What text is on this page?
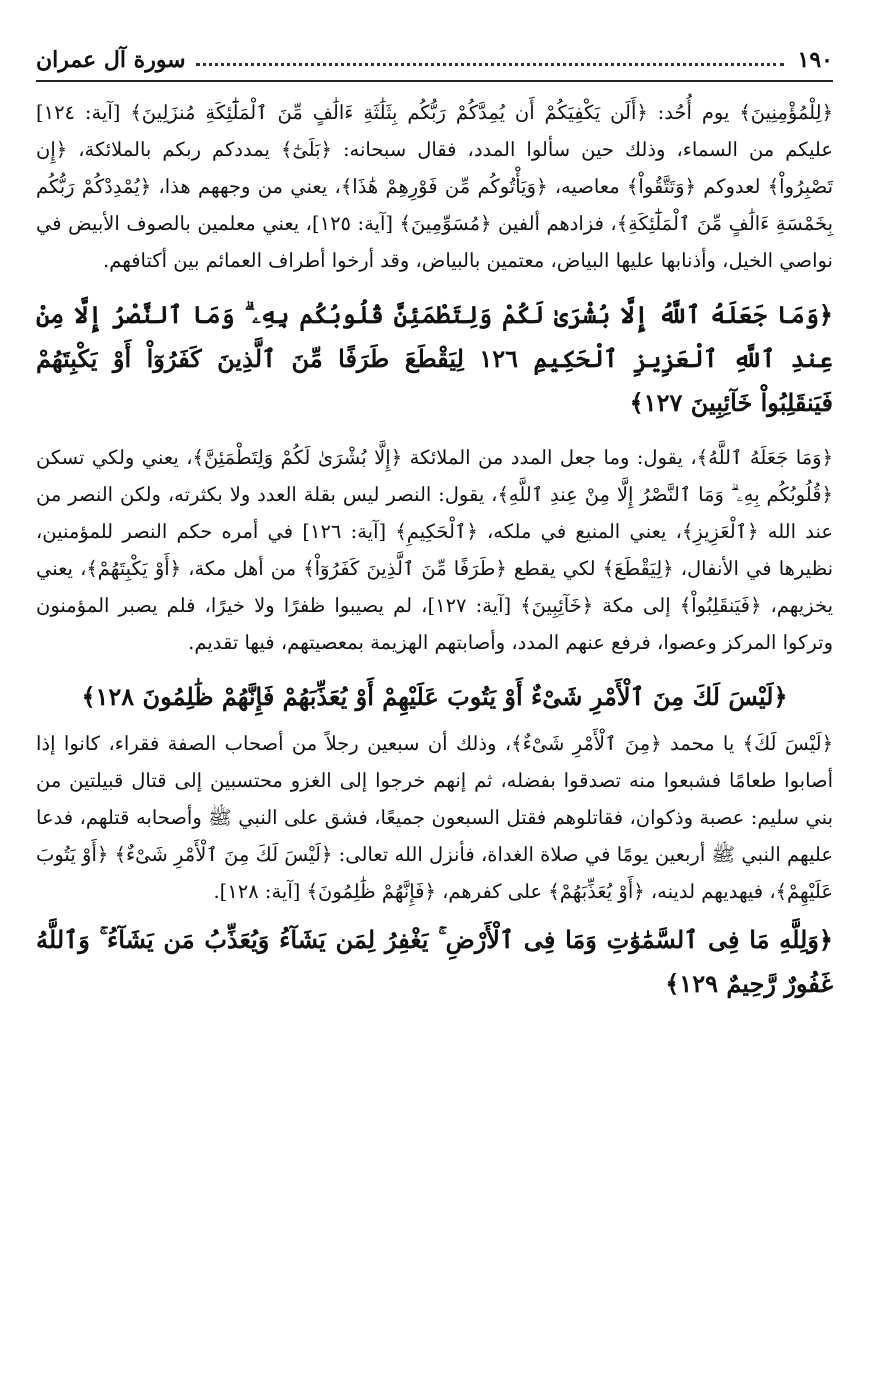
١٩٠
سورة آل عمران

﴿لِلْمُؤْمِنِينَ﴾ يوم أُحُد: ﴿أَلَن يَكْفِيَكُمْ أَن يُمِدَّكُمْ رَبُّكُم بِثَلَٰثَةِ ءَالَٰفٍ مِّنَ ٱلْمَلَٰٓئِكَةِ مُنزَلِينَ﴾ [آية: ١٢٤] عليكم من السماء، وذلك حين سألوا المدد، فقال سبحانه: ﴿بَلَىٰٓ﴾ يمددكم ربكم بالملائكة، ﴿إِن تَصْبِرُواْ﴾ لعدوكم ﴿وَتَتَّقُواْ﴾ معاصيه، ﴿وَيَأْتُوكُم مِّن فَوْرِهِمْ هَٰذَا﴾، يعني من وجههم هذا، ﴿يُمْدِدْكُمْ رَبُّكُم بِخَمْسَةِ ءَالَٰفٍ مِّنَ ٱلْمَلَٰٓئِكَةِ﴾، فزادهم ألفين ﴿مُسَوِّمِينَ﴾ [آية: ١٢٥]، يعني معلمين بالصوف الأبيض في نواصي الخيل، وأذنابها عليها البياض، معتمين بالبياض، وقد أرخوا أطراف العمائم بين أكتافهم.

﴿وَمَا جَعَلَهُ ٱللَّهُ إِلَّا بُشْرَىٰ لَكُمْ وَلِتَطْمَئِنَّ قُلُوبُكُم بِهِۦ ۗ وَمَا ٱلنَّصْرُ إِلَّا مِنْ عِندِ ٱللَّهِ ٱلْعَزِيزِ ٱلْحَكِيمِ ١٢٦ لِيَقْطَعَ طَرَفًا مِّنَ ٱلَّذِينَ كَفَرُوٓاْ أَوْ يَكْبِتَهُمْ فَيَنقَلِبُواْ خَآئِبِينَ ١٢٧﴾

﴿وَمَا جَعَلَهُ ٱللَّهُ﴾، يقول: وما جعل المدد من الملائكة ﴿إِلَّا بُشْرَىٰ لَكُمْ وَلِتَطْمَئِنَّ﴾، يعني ولكي تسكن ﴿قُلُوبُكُم بِهِۦ ۗ وَمَا ٱلنَّصْرُ إِلَّا مِنْ عِندِ ٱللَّهِ﴾، يقول: النصر ليس بقلة العدد ولا بكثرته، ولكن النصر من عند الله ﴿ٱلْعَزِيزِ﴾، يعني المنيع في ملكه، ﴿ٱلْحَكِيمِ﴾ [آية: ١٢٦] في أمره حكم النصر للمؤمنين، نظيرها في الأنفال، ﴿لِيَقْطَعَ﴾ لكي يقطع ﴿طَرَفًا مِّنَ ٱلَّذِينَ كَفَرُوٓاْ﴾ من أهل مكة، ﴿أَوْ يَكْبِتَهُمْ﴾، يعني يخزيهم، ﴿فَيَنقَلِبُواْ﴾ إلى مكة ﴿خَآئِبِينَ﴾ [آية: ١٢٧]، لم يصيبوا ظفرًا ولا خيرًا، فلم يصبر المؤمنون وتركوا المركز وعصوا، فرفع عنهم المدد، وأصابتهم الهزيمة بمعصيتهم، فيها تقديم.

﴿لَيْسَ لَكَ مِنَ ٱلْأَمْرِ شَىْءٌ أَوْ يَتُوبَ عَلَيْهِمْ أَوْ يُعَذِّبَهُمْ فَإِنَّهُمْ ظَٰلِمُونَ ١٢٨﴾

﴿لَيْسَ لَكَ﴾ يا محمد ﴿مِنَ ٱلْأَمْرِ شَىْءٌ﴾، وذلك أن سبعين رجلاً من أصحاب الصفة فقراء، كانوا إذا أصابوا طعامًا فشبعوا منه تصدقوا بفضله، ثم إنهم خرجوا إلى الغزو محتسبين إلى قتال قبيلتين من بني سليم: عصبة وذكوان، فقاتلوهم فقتل السبعون جميعًا، فشق على النبي ﷺ وأصحابه قتلهم، فدعا عليهم النبي ﷺ أربعين يومًا في صلاة الغداة، فأنزل الله تعالى: ﴿لَيْسَ لَكَ مِنَ ٱلْأَمْرِ شَىْءٌ﴾ ﴿أَوْ يَتُوبَ عَلَيْهِمْ﴾، فيهديهم لدينه، ﴿أَوْ يُعَذِّبَهُمْ﴾ على كفرهم، ﴿فَإِنَّهُمْ ظَٰلِمُونَ﴾ [آية: ١٢٨].

﴿وَلِلَّهِ مَا فِى ٱلسَّمَٰوَٰتِ وَمَا فِى ٱلْأَرْضِ ۚ يَغْفِرُ لِمَن يَشَآءُ وَيُعَذِّبُ مَن يَشَآءُ ۚ وَٱللَّهُ غَفُورٌ رَّحِيمٌ ١٢٩﴾
